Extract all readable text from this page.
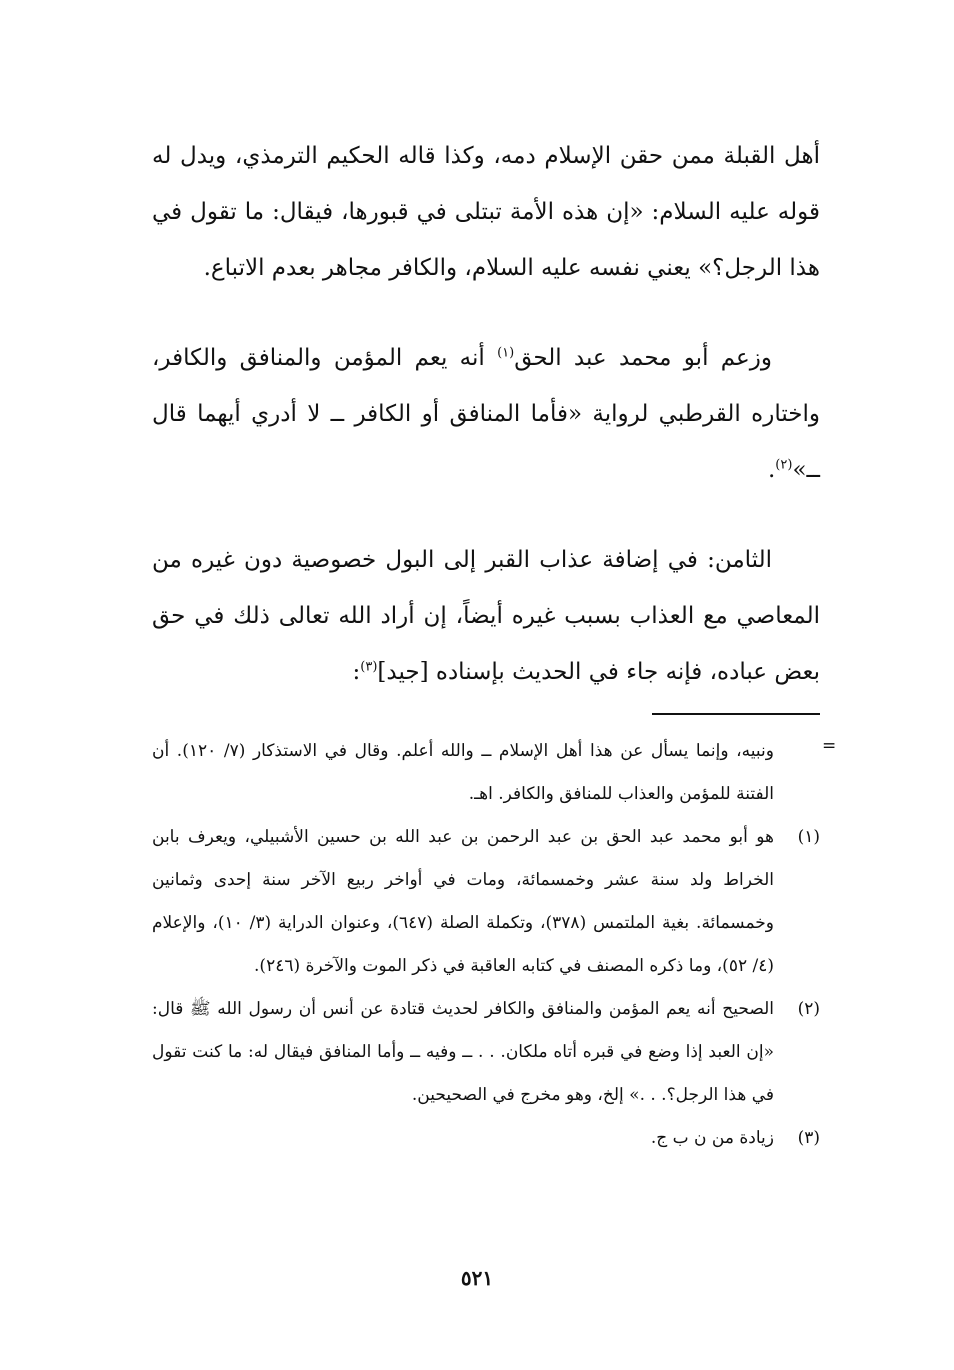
أهل القبلة ممن حقن الإسلام دمه، وكذا قاله الحكيم الترمذي، ويدل له قوله عليه السلام: «إن هذه الأمة تبتلى في قبورها، فيقال: ما تقول في هذا الرجل؟» يعني نفسه عليه السلام، والكافر مجاهر بعدم الاتباع.

وزعم أبو محمد عبد الحق$^{(١)}$ أنه يعم المؤمن والمنافق والكافر، واختاره القرطبي لرواية «فأما المنافق أو الكافر ــ لا أدري أيهما قال ــ»$^{(٢)}$.

الثامن: في إضافة عذاب القبر إلى البول خصوصية دون غيره من المعاصي مع العذاب بسبب غيره أيضاً، إن أراد الله تعالى ذلك في حق بعض عباده، فإنه جاء في الحديث بإسناده [جيد]$^{(٣)}$:

=

ونبيه، وإنما يسأل عن هذا أهل الإسلام ــ والله أعلم. وقال في الاستذكار (٧/ ١٢٠). أن الفتنة للمؤمن والعذاب للمنافق والكافر. اهـ.

(١)

هو أبو محمد عبد الحق بن عبد الرحمن بن عبد الله بن حسين الأشبيلي، ويعرف بابن الخراط ولد سنة عشر وخمسمائة، ومات في أواخر ربيع الآخر سنة إحدى وثمانين وخمسمائة. بغية الملتمس (٣٧٨)، وتكملة الصلة (٦٤٧)، وعنوان الدراية (٣/ ١٠)، والإعلام (٤/ ٥٢)، وما ذكره المصنف في كتابه العاقبة في ذكر الموت والآخرة (٢٤٦).

(٢)

الصحيح أنه يعم المؤمن والمنافق والكافر لحديث قتادة عن أنس أن رسول الله ﷺ قال: «إن العبد إذا وضع في قبره أتاه ملكان. . . ــ وفيه ــ وأما المنافق فيقال له: ما كنت تقول في هذا الرجل؟. . .» إلخ، وهو مخرج في الصحيحين.

(٣)

زيادة من ن ب ج.

٥٢١
